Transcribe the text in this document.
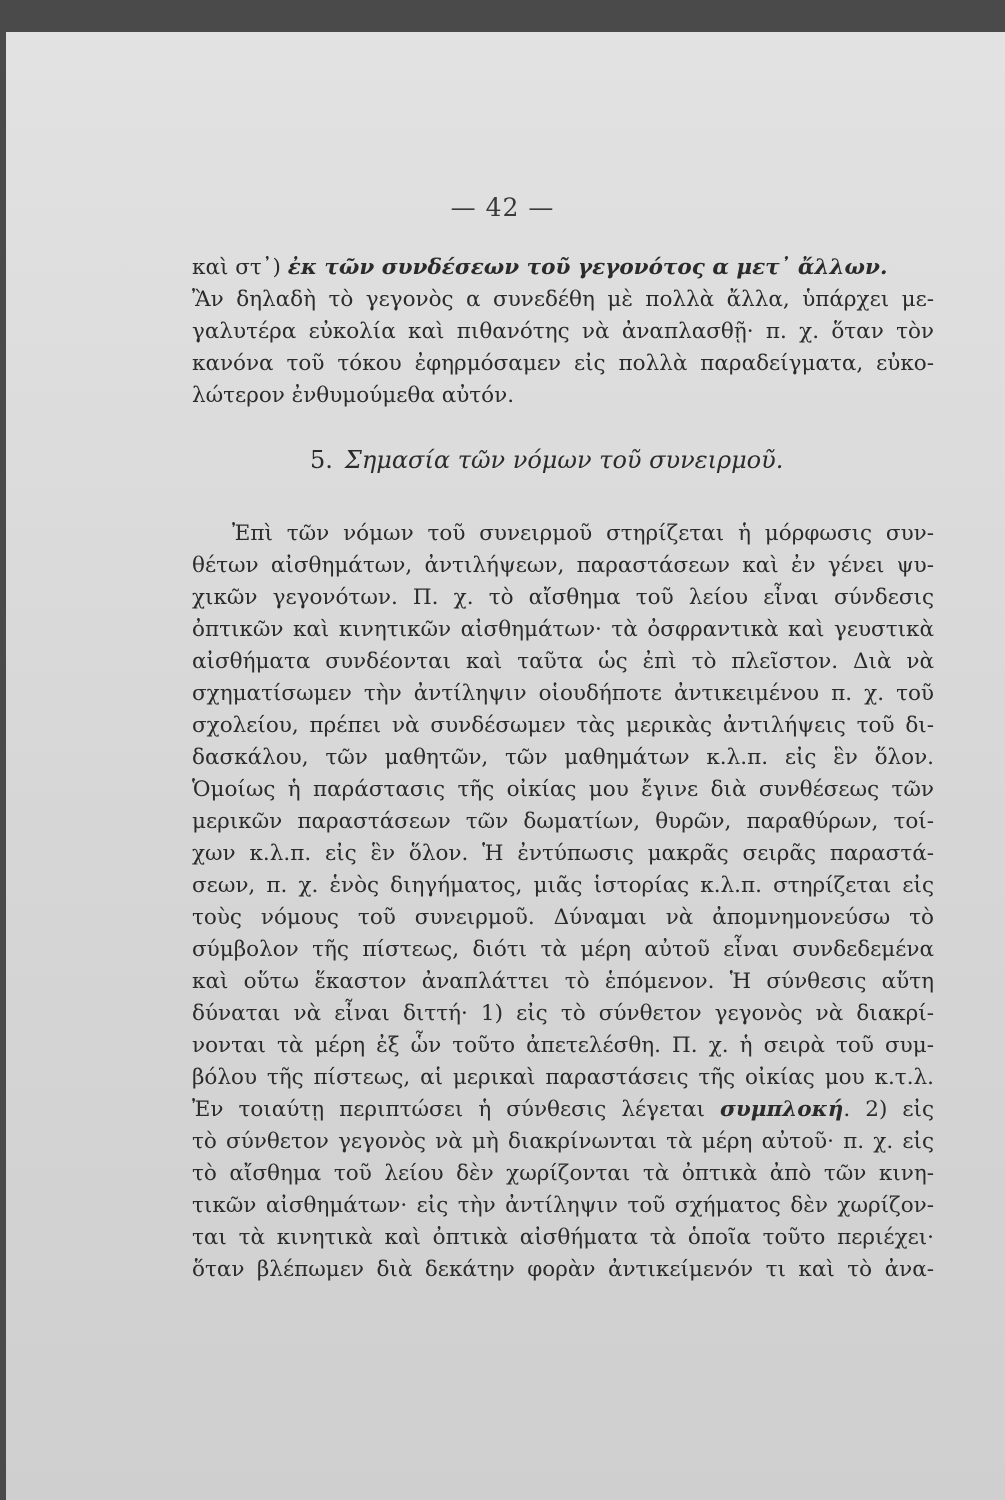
— 42 —
καὶ στ᾽) ἐκ τῶν συνδέσεων τοῦ γεγονότος α μετ᾽ ἄλλων.
Ἂν δηλαδὴ τὸ γεγονὸς α συνεδέθη μὲ πολλὰ ἄλλα, ὑπάρχει με-
γαλυτέρα εὐκολία καὶ πιθανότης νὰ ἀναπλασθῇ· π. χ. ὅταν τὸν
κανόνα τοῦ τόκου ἐφηρμόσαμεν εἰς πολλὰ παραδείγματα, εὐκο-
λώτερον ἐνθυμούμεθα αὐτόν.
5. Σημασία τῶν νόμων τοῦ συνειρμοῦ.
Ἐπὶ τῶν νόμων τοῦ συνειρμοῦ στηρίζεται ἡ μόρφωσις συν-
θέτων αἰσθημάτων, ἀντιλήψεων, παραστάσεων καὶ ἐν γένει ψυ-
χικῶν γεγονότων. Π. χ. τὸ αἴσθημα τοῦ λείου εἶναι σύνδεσις
ὀπτικῶν καὶ κινητικῶν αἰσθημάτων· τὰ ὀσφραντικὰ καὶ γευστικὰ
αἰσθήματα συνδέονται καὶ ταῦτα ὡς ἐπὶ τὸ πλεῖστον. Διὰ νὰ
σχηματίσωμεν τὴν ἀντίληψιν οἱουδήποτε ἀντικειμένου π. χ. τοῦ
σχολείου, πρέπει νὰ συνδέσωμεν τὰς μερικὰς ἀντιλήψεις τοῦ δι-
δασκάλου, τῶν μαθητῶν, τῶν μαθημάτων κ.λ.π. εἰς ἓν ὅλον.
Ὁμοίως ἡ παράστασις τῆς οἰκίας μου ἔγινε διὰ συνθέσεως τῶν
μερικῶν παραστάσεων τῶν δωματίων, θυρῶν, παραθύρων, τοί-
χων κ.λ.π. εἰς ἓν ὅλον. Ἡ ἐντύπωσις μακρᾶς σειρᾶς παραστά-
σεων, π. χ. ἑνὸς διηγήματος, μιᾶς ἱστορίας κ.λ.π. στηρίζεται εἰς
τοὺς νόμους τοῦ συνειρμοῦ. Δύναμαι νὰ ἀπομνημονεύσω τὸ
σύμβολον τῆς πίστεως, διότι τὰ μέρη αὐτοῦ εἶναι συνδεδεμένα
καὶ οὕτω ἕκαστον ἀναπλάττει τὸ ἑπόμενον. Ἡ σύνθεσις αὕτη
δύναται νὰ εἶναι διττή· 1) εἰς τὸ σύνθετον γεγονὸς νὰ διακρί-
νονται τὰ μέρη ἐξ ὧν τοῦτο ἀπετελέσθη. Π. χ. ἡ σειρὰ τοῦ συμ-
βόλου τῆς πίστεως, αἱ μερικαὶ παραστάσεις τῆς οἰκίας μου κ.τ.λ.
Ἐν τοιαύτῃ περιπτώσει ἡ σύνθεσις λέγεται συμπλοκή. 2) εἰς
τὸ σύνθετον γεγονὸς νὰ μὴ διακρίνωνται τὰ μέρη αὐτοῦ· π. χ. εἰς
τὸ αἴσθημα τοῦ λείου δὲν χωρίζονται τὰ ὀπτικὰ ἀπὸ τῶν κινη-
τικῶν αἰσθημάτων· εἰς τὴν ἀντίληψιν τοῦ σχήματος δὲν χωρίζον-
ται τὰ κινητικὰ καὶ ὀπτικὰ αἰσθήματα τὰ ὁποῖα τοῦτο περιέχει·
ὅταν βλέπωμεν διὰ δεκάτην φορὰν ἀντικείμενόν τι καὶ τὸ ἀνα-
